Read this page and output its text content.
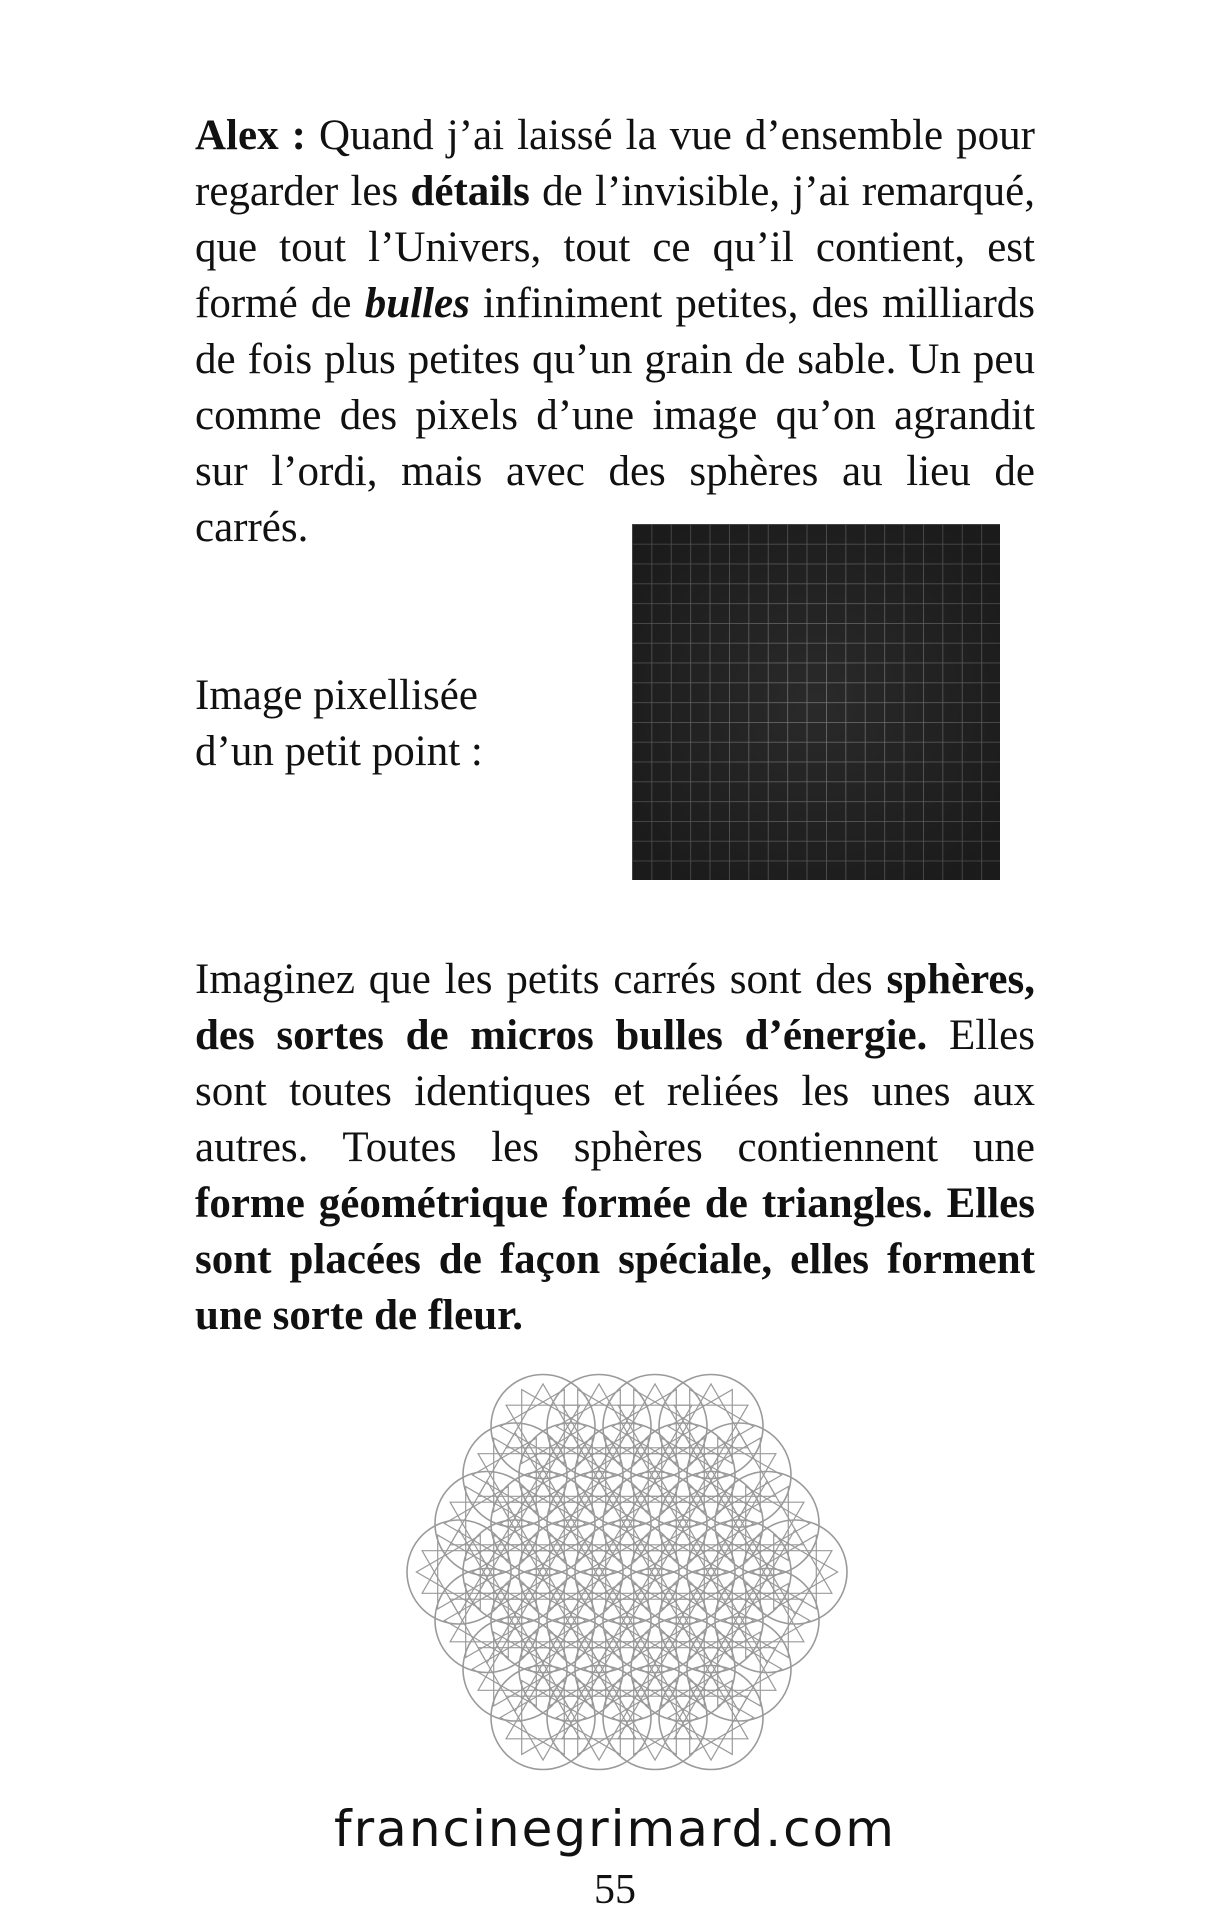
Alex : Quand j’ai laissé la vue d’ensemble pour regarder les détails de l’invisible, j’ai remarqué, que tout l’Univers, tout ce qu’il contient, est formé de bulles infiniment petites, des milliards de fois plus petites qu’un grain de sable. Un peu comme des pixels d’une image qu’on agrandit sur l’ordi, mais avec des sphères au lieu de carrés.

Image pixellisée
d’un petit point :

Imaginez que les petits carrés sont des sphères, des sortes de micros bulles d’énergie. Elles sont toutes identiques et reliées les unes aux autres. Toutes les sphères contiennent une forme géométrique formée de triangles. Elles sont placées de façon spéciale, elles forment une sorte de fleur.

francinegrimard.com
55
